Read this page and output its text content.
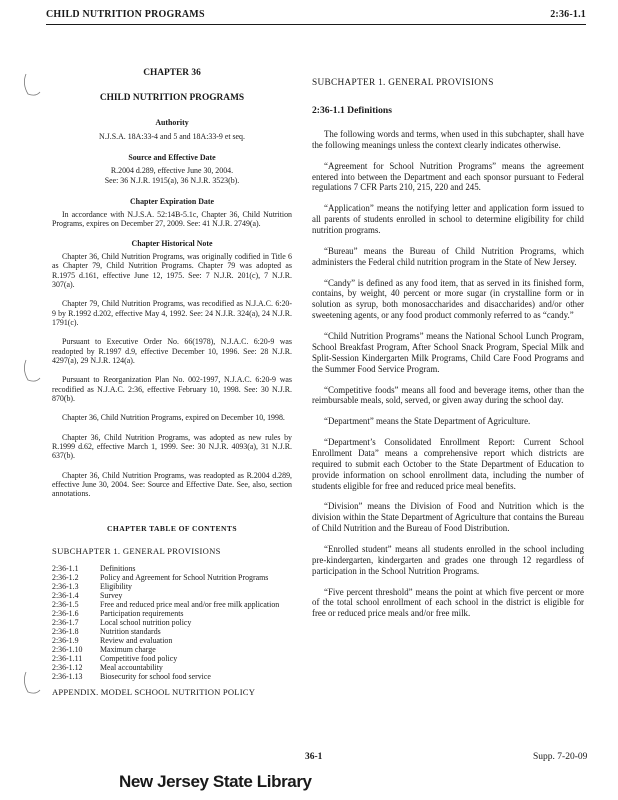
CHILD NUTRITION PROGRAMS	2:36-1.1
CHAPTER 36
CHILD NUTRITION PROGRAMS
Authority
N.J.S.A. 18A:33-4 and 5 and 18A:33-9 et seq.
Source and Effective Date
R.2004 d.289, effective June 30, 2004.
See: 36 N.J.R. 1915(a), 36 N.J.R. 3523(b).
Chapter Expiration Date
In accordance with N.J.S.A. 52:14B-5.1c, Chapter 36, Child Nutrition Programs, expires on December 27, 2009. See: 41 N.J.R. 2749(a).
Chapter Historical Note
Chapter 36, Child Nutrition Programs, was originally codified in Title 6 as Chapter 79, Child Nutrition Programs. Chapter 79 was adopted as R.1975 d.161, effective June 12, 1975. See: 7 N.J.R. 201(c), 7 N.J.R. 307(a).
Chapter 79, Child Nutrition Programs, was recodified as N.J.A.C. 6:20-9 by R.1992 d.202, effective May 4, 1992. See: 24 N.J.R. 324(a), 24 N.J.R. 1791(c).
Pursuant to Executive Order No. 66(1978), N.J.A.C. 6:20-9 was readopted by R.1997 d.9, effective December 10, 1996. See: 28 N.J.R. 4297(a), 29 N.J.R. 124(a).
Pursuant to Reorganization Plan No. 002-1997, N.J.A.C. 6:20-9 was recodified as N.J.A.C. 2:36, effective February 10, 1998. See: 30 N.J.R. 870(b).
Chapter 36, Child Nutrition Programs, expired on December 10, 1998.
Chapter 36, Child Nutrition Programs, was adopted as new rules by R.1999 d.62, effective March 1, 1999. See: 30 N.J.R. 4093(a), 31 N.J.R. 637(b).
Chapter 36, Child Nutrition Programs, was readopted as R.2004 d.289, effective June 30, 2004. See: Source and Effective Date. See, also, section annotations.
CHAPTER TABLE OF CONTENTS
SUBCHAPTER 1. GENERAL PROVISIONS
2:36-1.1	Definitions
2:36-1.2	Policy and Agreement for School Nutrition Programs
2:36-1.3	Eligibility
2:36-1.4	Survey
2:36-1.5	Free and reduced price meal and/or free milk application
2:36-1.6	Participation requirements
2:36-1.7	Local school nutrition policy
2:36-1.8	Nutrition standards
2:36-1.9	Review and evaluation
2:36-1.10	Maximum charge
2:36-1.11	Competitive food policy
2:36-1.12	Meal accountability
2:36-1.13	Biosecurity for school food service
APPENDIX. MODEL SCHOOL NUTRITION POLICY
SUBCHAPTER 1. GENERAL PROVISIONS
2:36-1.1 Definitions

The following words and terms, when used in this subchapter, shall have the following meanings unless the context clearly indicates otherwise.

“Agreement for School Nutrition Programs” means the agreement entered into between the Department and each sponsor pursuant to Federal regulations 7 CFR Parts 210, 215, 220 and 245.

“Application” means the notifying letter and application form issued to all parents of students enrolled in school to determine eligibility for child nutrition programs.

“Bureau” means the Bureau of Child Nutrition Programs, which administers the Federal child nutrition program in the State of New Jersey.

“Candy” is defined as any food item, that as served in its finished form, contains, by weight, 40 percent or more sugar (in crystalline form or in solution as syrup, both monosaccharides and disaccharides) and/or other sweetening agents, or any food product commonly referred to as “candy.”

“Child Nutrition Programs” means the National School Lunch Program, School Breakfast Program, After School Snack Program, Special Milk and Split-Session Kindergarten Milk Programs, Child Care Food Programs and the Summer Food Service Program.

“Competitive foods” means all food and beverage items, other than the reimbursable meals, sold, served, or given away during the school day.

“Department” means the State Department of Agriculture.

“Department’s Consolidated Enrollment Report: Current School Enrollment Data” means a comprehensive report which districts are required to submit each October to the State Department of Education to provide information on school enrollment data, including the number of students eligible for free and reduced price meal benefits.

“Division” means the Division of Food and Nutrition which is the division within the State Department of Agriculture that contains the Bureau of Child Nutrition and the Bureau of Food Distribution.

“Enrolled student” means all students enrolled in the school including pre-kindergarten, kindergarten and grades one through 12 regardless of participation in the School Nutrition Programs.

“Five percent threshold” means the point at which five percent or more of the total school enrollment of each school in the district is eligible for free or reduced price meals and/or free milk.

36-1	Supp. 7-20-09
New Jersey State Library
